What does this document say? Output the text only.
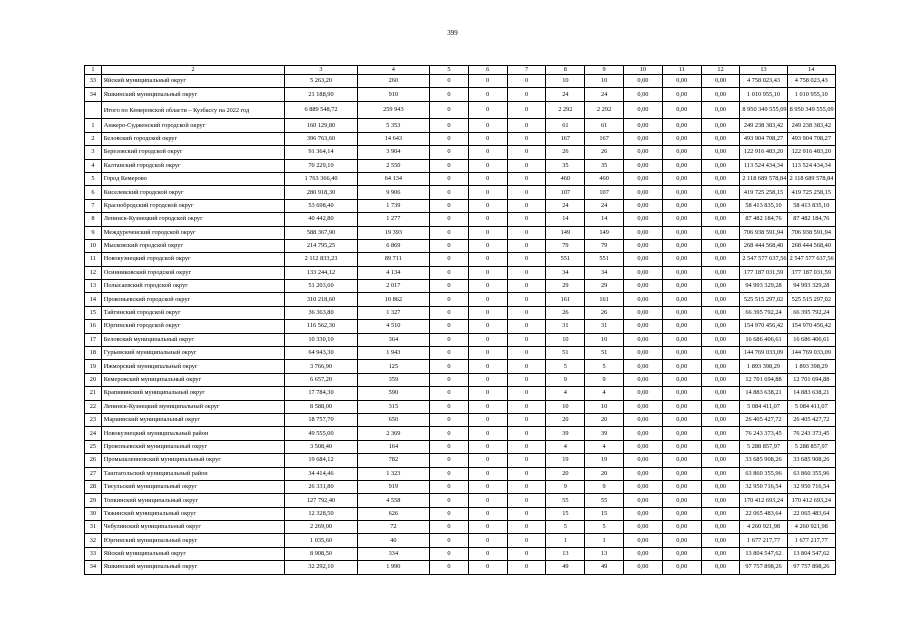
399
1	2	3	4	5	6	7	8	9	10	11	12	13	14
33	Яйский муниципальный округ	5 263,20	260	0	0	0	10	10	0,00	0,00	0,00	4 758 023,43	4 758 023,43
34	Яшкинский муниципальный округ	21 188,90	910	0	0	0	24	24	0,00	0,00	0,00	1 010 955,10	1 010 955,10
	Итого по Кемеровской области – Кузбассу на 2022 год	6 889 548,72	259 943	0	0	0	2 292	2 292	0,00	0,00	0,00	8 950 349 555,09	8 950 349 555,09
1	Анжеро-Судженский городской округ	160 129,80	5 353	0	0	0	61	61	0,00	0,00	0,00	249 238 383,42	249 238 383,42
2	Беловский городской округ	396 763,60	14 643	0	0	0	167	167	0,00	0,00	0,00	493 904 708,27	493 904 708,27
3	Березовский городской округ	91 364,14	3 904	0	0	0	26	26	0,00	0,00	0,00	122 916 483,20	122 916 483,20
4	Калтанский городской округ	70 229,10	2 550	0	0	0	35	35	0,00	0,00	0,00	113 524 434,34	113 524 434,34
5	Город Кемерово	1 763 366,40	64 134	0	0	0	460	460	0,00	0,00	0,00	2 118 689 578,84	2 118 689 578,84
6	Киселевский городской округ	280 918,30	9 906	0	0	0	107	107	0,00	0,00	0,00	419 725 258,15	419 725 258,15
7	Краснобродский городской округ	53 698,40	1 739	0	0	0	24	24	0,00	0,00	0,00	58 413 835,10	58 413 835,10
8	Ленинск-Кузнецкий городской округ	40 442,80	1 277	0	0	0	14	14	0,00	0,00	0,00	87 482 184,76	87 482 184,76
9	Междуреченский городской округ	588 367,90	19 393	0	0	0	149	149	0,00	0,00	0,00	706 938 591,94	706 938 591,94
10	Мысковский городской округ	214 795,25	6 869	0	0	0	79	79	0,00	0,00	0,00	268 444 568,40	268 444 568,40
11	Новокузнецкий городской округ	2 112 833,23	89 711	0	0	0	551	551	0,00	0,00	0,00	2 547 577 637,56	2 547 577 637,56
12	Осинниковский городской округ	133 244,12	4 134	0	0	0	34	34	0,00	0,00	0,00	177 187 031,59	177 187 031,59
13	Полысаевский городской округ	51 203,60	2 017	0	0	0	29	29	0,00	0,00	0,00	94 993 329,28	94 993 329,28
14	Прокопьевский городской округ	310 218,60	10 862	0	0	0	161	161	0,00	0,00	0,00	525 515 297,02	525 515 297,02
15	Тайгинский городской округ	36 363,80	1 327	0	0	0	26	26	0,00	0,00	0,00	66 395 792,24	66 395 792,24
16	Юргинский городской округ	116 562,30	4 510	0	0	0	31	31	0,00	0,00	0,00	154 970 456,42	154 970 456,42
17	Беловский муниципальный округ	10 330,10	364	0	0	0	10	10	0,00	0,00	0,00	16 686 406,61	16 686 406,61
18	Гурьевский муниципальный округ	64 943,30	1 943	0	0	0	51	51	0,00	0,00	0,00	144 769 033,09	144 769 033,09
19	Ижморский муниципальный округ	3 766,90	125	0	0	0	5	5	0,00	0,00	0,00	1 893 398,29	1 893 398,29
20	Кемеровский муниципальный округ	6 657,20	359	0	0	0	9	9	0,00	0,00	0,00	12 701 694,88	12 701 694,88
21	Крапивинский муниципальный округ	17 784,30	590	0	0	0	4	4	0,00	0,00	0,00	14 883 638,21	14 883 638,21
22	Ленинск-Кузнецкий муниципальный округ	8 588,00	315	0	0	0	10	10	0,00	0,00	0,00	5 084 411,07	5 084 411,07
23	Мариинский муниципальный округ	18 757,70	650	0	0	0	20	20	0,00	0,00	0,00	26 405 427,72	26 405 427,72
24	Новокузнецкий муниципальный район	49 555,00	2 369	0	0	0	39	39	0,00	0,00	0,00	76 243 373,45	76 243 373,45
25	Прокопьевский муниципальный округ	3 508,40	164	0	0	0	4	4	0,00	0,00	0,00	5 288 857,97	5 288 857,97
26	Промышленновский муниципальный округ	19 684,12	782	0	0	0	19	19	0,00	0,00	0,00	33 685 908,26	33 685 908,26
27	Таштагольский муниципальный район	34 414,46	1 323	0	0	0	20	20	0,00	0,00	0,00	63 860 355,96	63 860 355,96
28	Тисульский муниципальный округ	26 331,80	919	0	0	0	9	9	0,00	0,00	0,00	32 950 716,54	32 950 716,54
29	Топкинский муниципальный округ	127 792,40	4 558	0	0	0	55	55	0,00	0,00	0,00	170 412 693,24	170 412 693,24
30	Тяжинский муниципальный округ	12 328,50	626	0	0	0	15	15	0,00	0,00	0,00	22 065 483,64	22 065 483,64
31	Чебулинский муниципальный округ	2 269,00	72	0	0	0	5	5	0,00	0,00	0,00	4 260 921,98	4 260 921,98
32	Юргинский муниципальный округ	1 035,60	40	0	0	0	1	1	0,00	0,00	0,00	1 677 217,77	1 677 217,77
33	Яйский муниципальный округ	8 908,50	334	0	0	0	13	13	0,00	0,00	0,00	13 804 547,62	13 804 547,62
34	Яшкинский муниципальный округ	32 292,10	1 990	0	0	0	49	49	0,00	0,00	0,00	97 757 898,26	97 757 898,26
